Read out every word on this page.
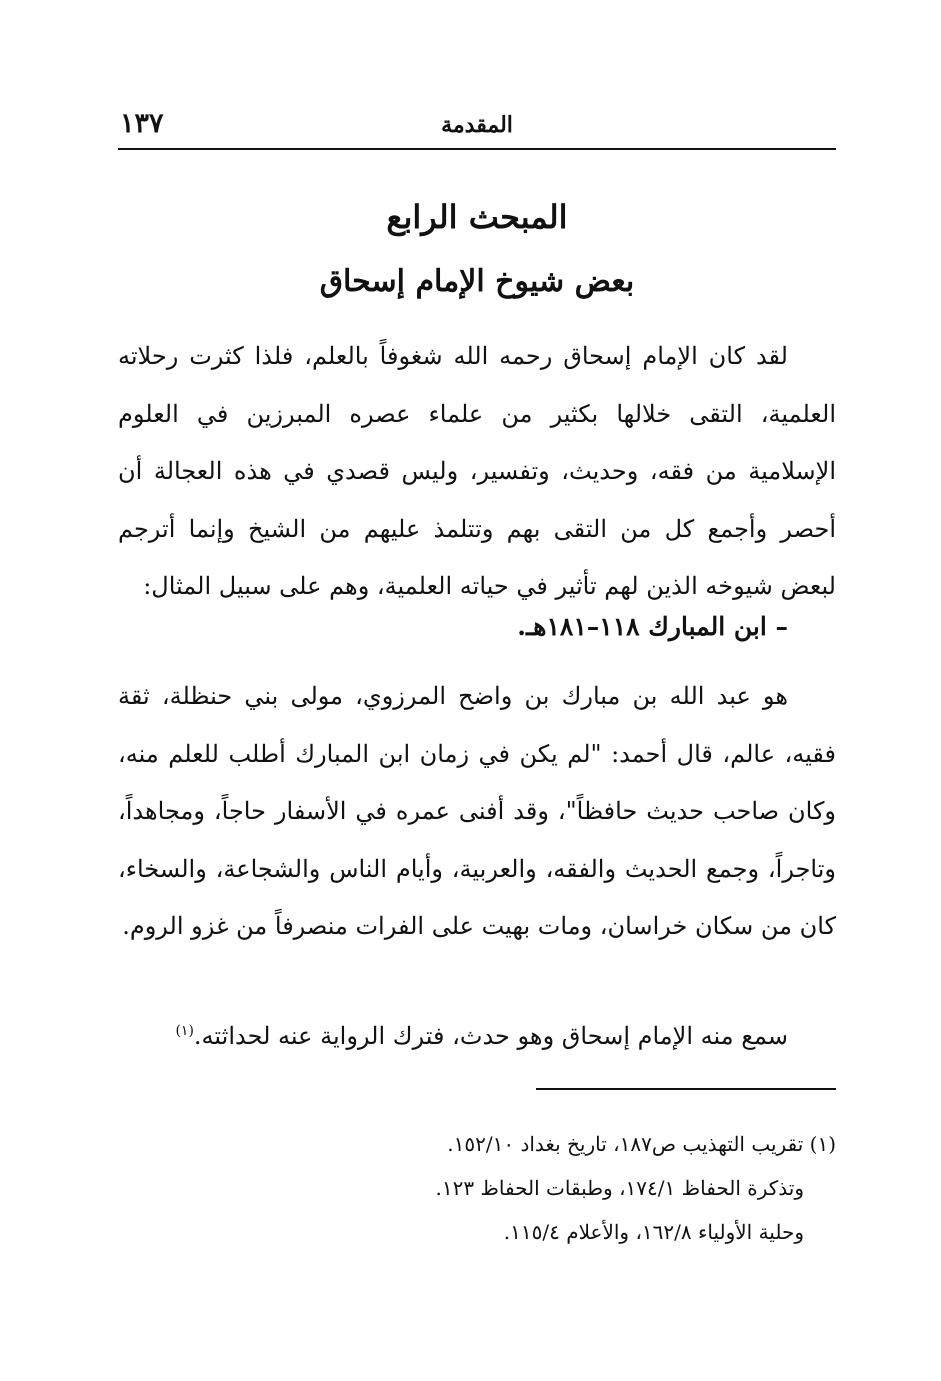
المقدمة
١٣٧
المبحث الرابع
بعض شيوخ الإمام إسحاق
لقد كان الإمام إسحاق رحمه الله شغوفاً بالعلم، فلذا كثرت رحلاته العلمية، التقى خلالها بكثير من علماء عصره المبرزين في العلوم الإسلامية من فقه، وحديث، وتفسير، وليس قصدي في هذه العجالة أن أحصر وأجمع كل من التقى بهم وتتلمذ عليهم من الشيخ وإنما أترجم لبعض شيوخه الذين لهم تأثير في حياته العلمية، وهم على سبيل المثال:
– ابن المبارك ١١٨–١٨١هـ.
هو عبد الله بن مبارك بن واضح المرزوي، مولى بني حنظلة، ثقة فقيه، عالم، قال أحمد: "لم يكن في زمان ابن المبارك أطلب للعلم منه، وكان صاحب حديث حافظاً"، وقد أفنى عمره في الأسفار حاجاً، ومجاهداً، وتاجراً، وجمع الحديث والفقه، والعربية، وأيام الناس والشجاعة، والسخاء، كان من سكان خراسان، ومات بهيت على الفرات منصرفاً من غزو الروم.
سمع منه الإمام إسحاق وهو حدث، فترك الرواية عنه لحداثته.$^{(١)}$
(١) تقريب التهذيب ص١٨٧، تاريخ بغداد ١٥٢/١٠.
وتذكرة الحفاظ ١٧٤/١، وطبقات الحفاظ ١٢٣.
وحلية الأولياء ١٦٢/٨، والأعلام ١١٥/٤.
